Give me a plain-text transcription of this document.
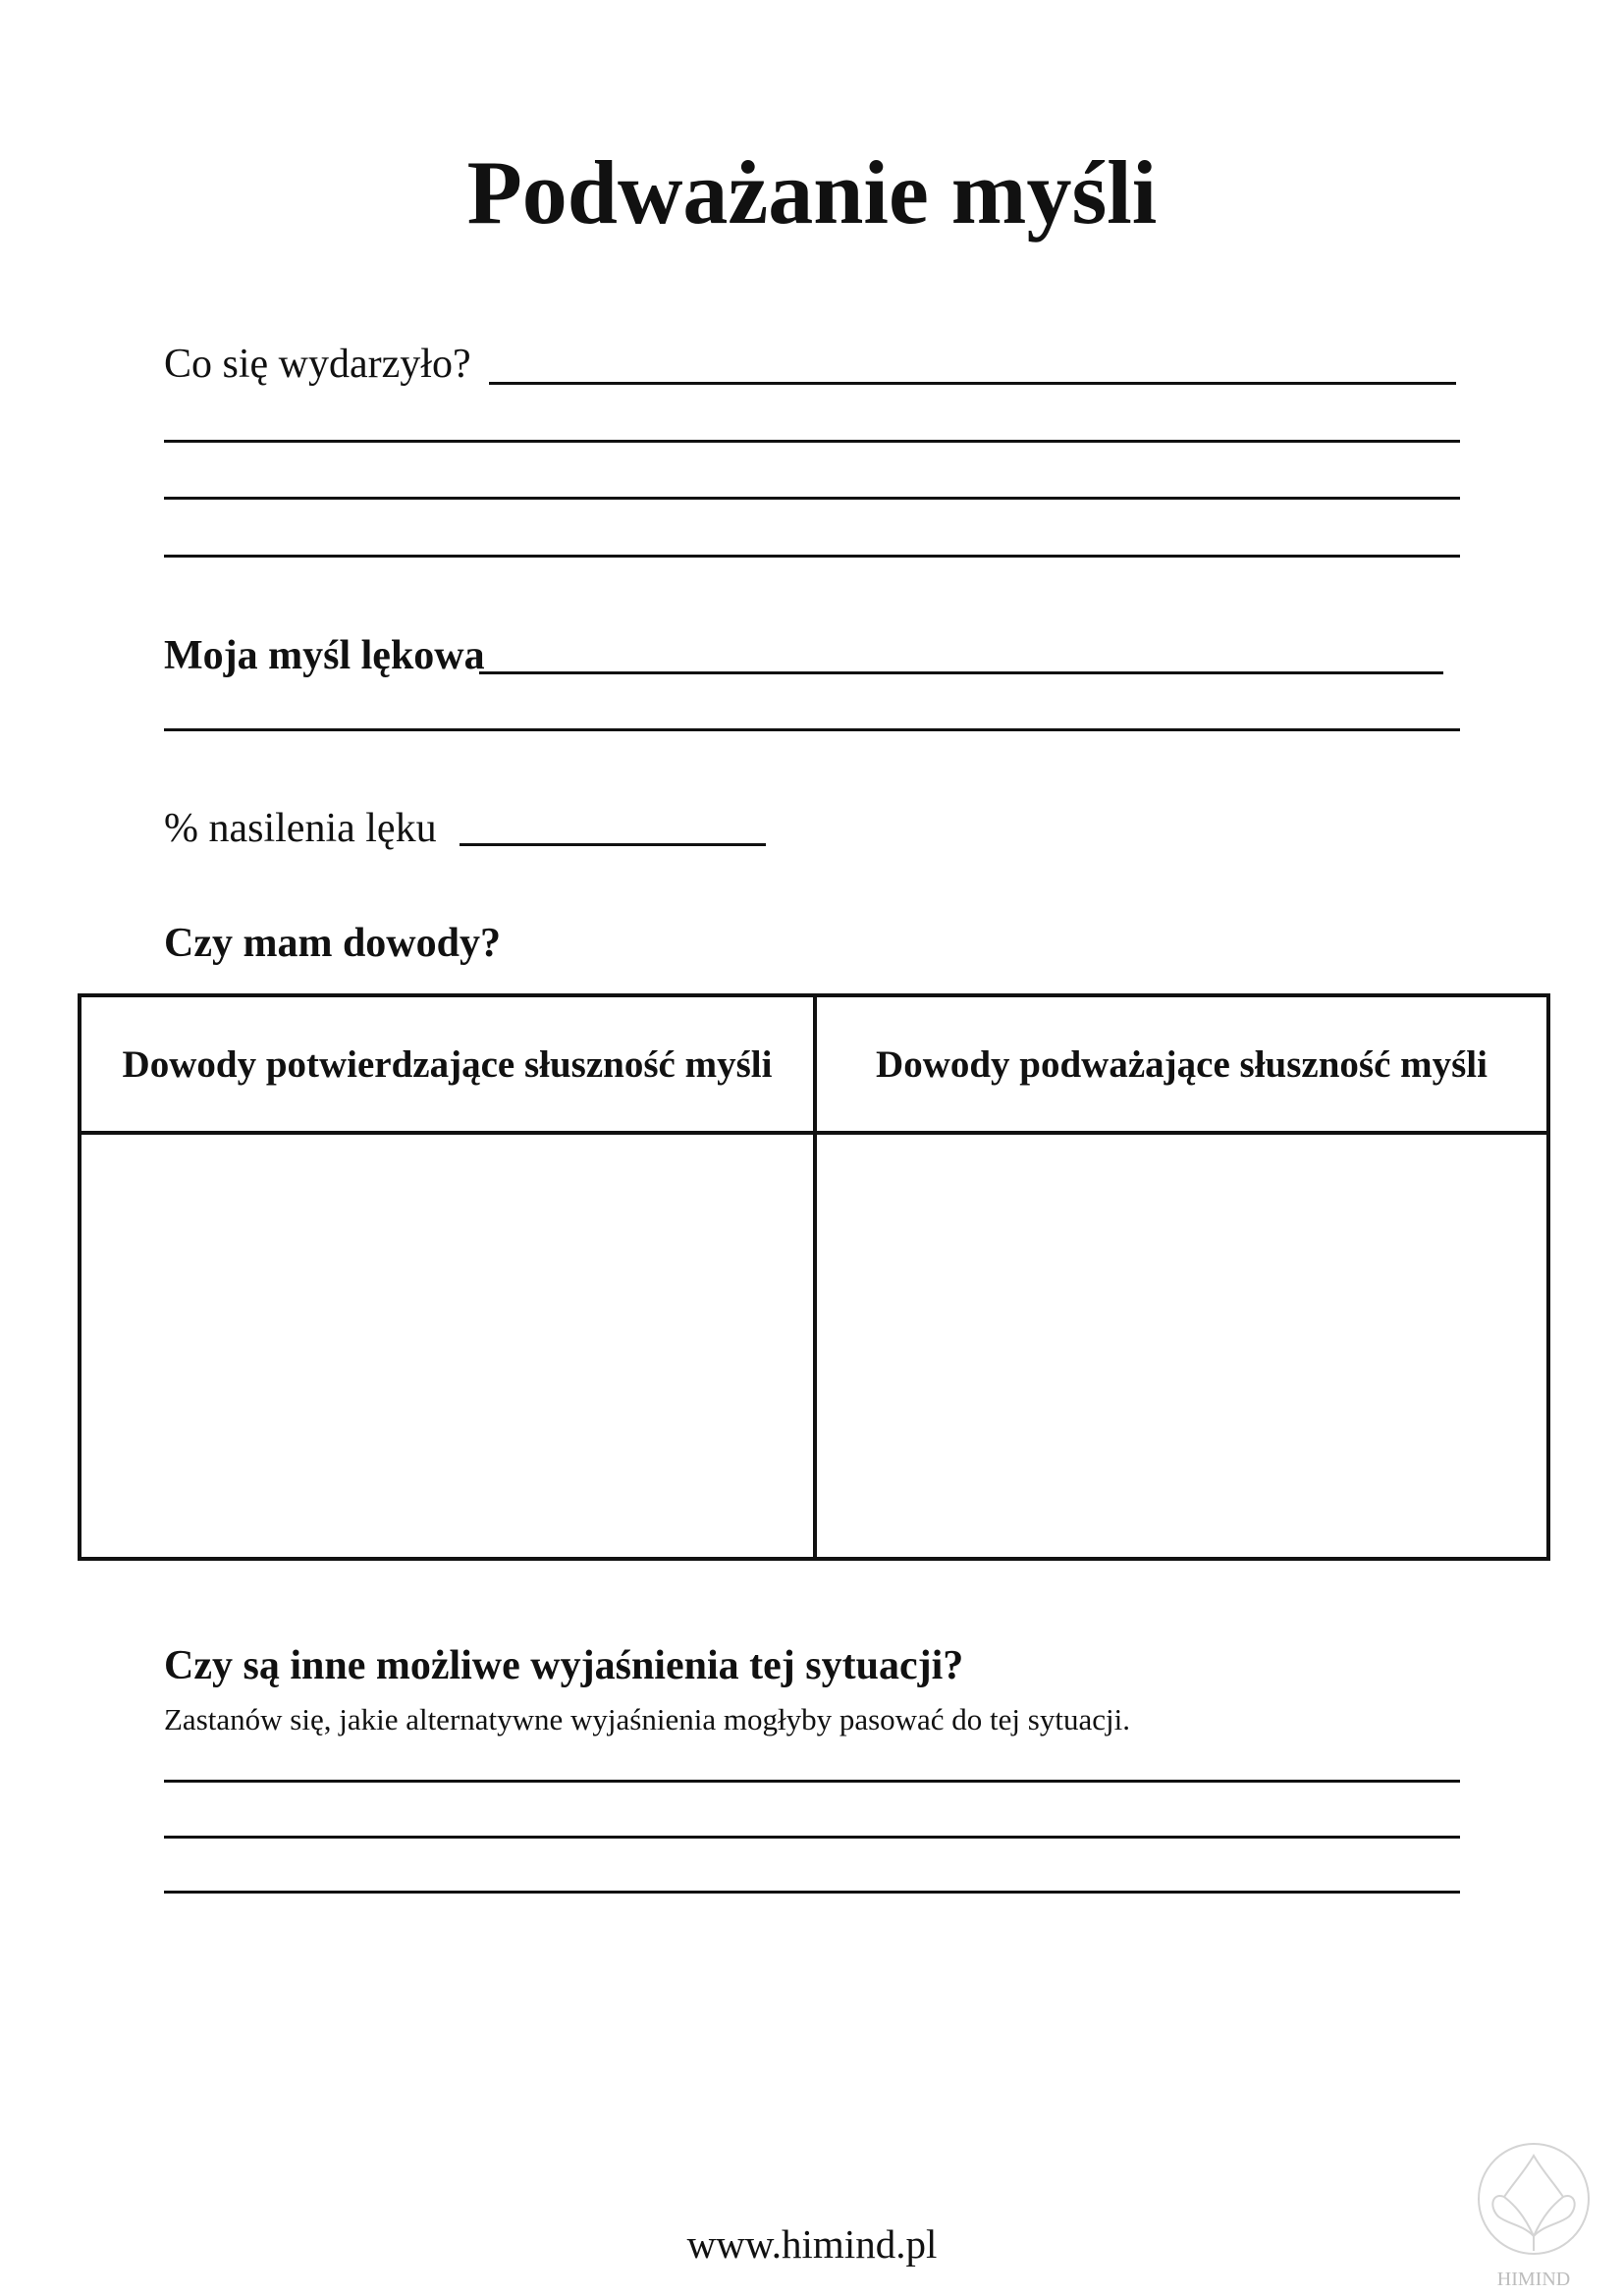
Podważanie myśli
Co się wydarzyło?
Moja myśl lękowa
% nasilenia lęku
Czy mam dowody?
Dowody potwierdzające słuszność myśli	Dowody podważające słuszność myśli
Czy są inne możliwe wyjaśnienia tej sytuacji?
Zastanów się, jakie alternatywne wyjaśnienia mogłyby pasować do tej sytuacji.
www.himind.pl
HIMIND
